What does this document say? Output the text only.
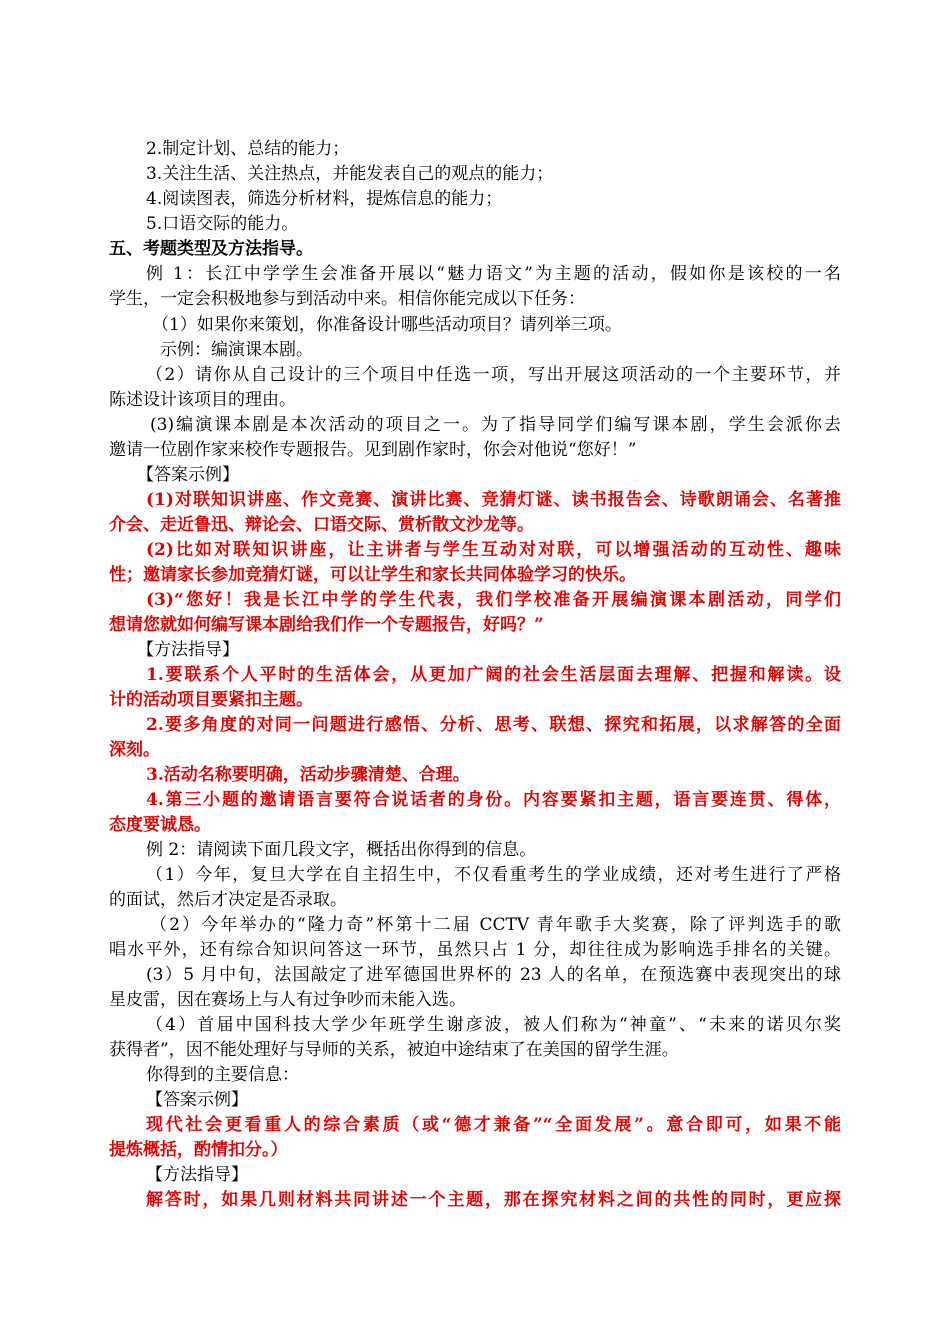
2.制定计划、总结的能力；

3.关注生活、关注热点，并能发表自己的观点的能力；

4.阅读图表，筛选分析材料，提炼信息的能力；

5.口语交际的能力。

五、考题类型及方法指导。

例 1：长江中学学生会准备开展以“魅力语文”为主题的活动，假如你是该校的一名

学生，一定会积极地参与到活动中来。相信你能完成以下任务：

（1）如果你来策划，你准备设计哪些活动项目？请列举三项。

示例：编演课本剧。

（2）请你从自己设计的三个项目中任选一项，写出开展这项活动的一个主要环节，并

陈述设计该项目的理由。

(3)编演课本剧是本次活动的项目之一。为了指导同学们编写课本剧，学生会派你去

邀请一位剧作家来校作专题报告。见到剧作家时，你会对他说“您好！”

【答案示例】

(1)对联知识讲座、作文竞赛、演讲比赛、竞猜灯谜、读书报告会、诗歌朗诵会、名著推

介会、走近鲁迅、辩论会、口语交际、赏析散文沙龙等。

(2)比如对联知识讲座，让主讲者与学生互动对对联，可以增强活动的互动性、趣味

性；邀请家长参加竞猜灯谜，可以让学生和家长共同体验学习的快乐。

(3)“您好！我是长江中学的学生代表，我们学校准备开展编演课本剧活动，同学们

想请您就如何编写课本剧给我们作一个专题报告，好吗？”

【方法指导】

1.要联系个人平时的生活体会，从更加广阔的社会生活层面去理解、把握和解读。设

计的活动项目要紧扣主题。

2.要多角度的对同一问题进行感悟、分析、思考、联想、探究和拓展，以求解答的全面

深刻。

3.活动名称要明确，活动步骤清楚、合理。

4.第三小题的邀请语言要符合说话者的身份。内容要紧扣主题，语言要连贯、得体，

态度要诚恳。

例 2：请阅读下面几段文字，概括出你得到的信息。

（1）今年，复旦大学在自主招生中，不仅看重考生的学业成绩，还对考生进行了严格

的面试，然后才决定是否录取。

（2）今年举办的“隆力奇”杯第十二届 CCTV 青年歌手大奖赛，除了评判选手的歌

唱水平外，还有综合知识问答这一环节，虽然只占 1 分，却往往成为影响选手排名的关键。

(3）5 月中旬，法国敲定了进军德国世界杯的 23 人的名单，在预选赛中表现突出的球

星皮雷，因在赛场上与人有过争吵而未能入选。

（4）首届中国科技大学少年班学生谢彦波，被人们称为“神童”、“未来的诺贝尔奖

获得者”，因不能处理好与导师的关系，被迫中途结束了在美国的留学生涯。

你得到的主要信息：

【答案示例】

现代社会更看重人的综合素质（或“德才兼备”“全面发展”。意合即可，如果不能

提炼概括，酌情扣分。）

【方法指导】

解答时，如果几则材料共同讲述一个主题，那在探究材料之间的共性的同时，更应探
